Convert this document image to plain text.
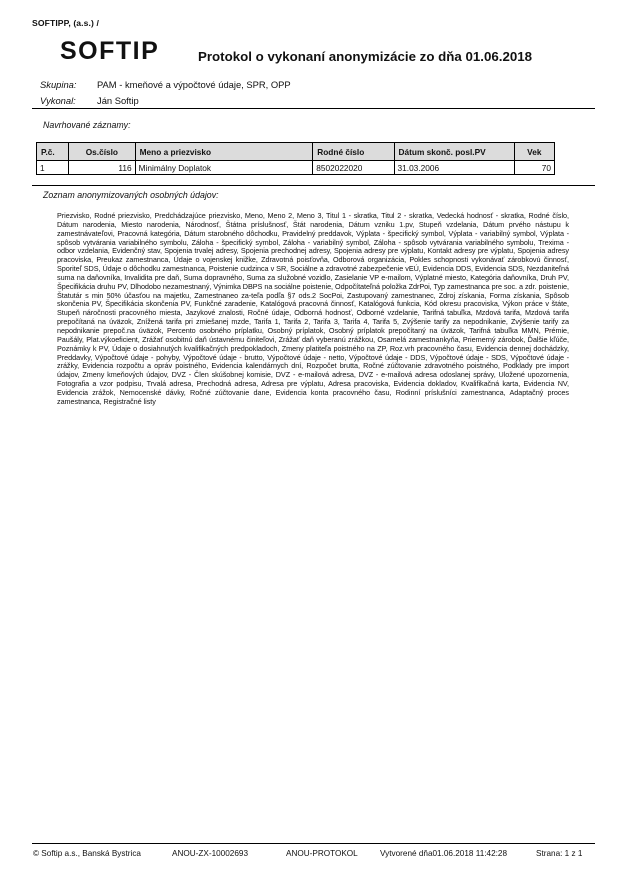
SOFTIPP, (a.s.) /
SOFTIP	Protokol o vykonaní anonymizácie zo dňa 01.06.2018
Skupina: PAM - kmeňové a výpočtové údaje, SPR, OPP
Vykonal: Ján Softip
Navrhované záznamy:
P.č.	Os.číslo	Meno a priezvisko	Rodné číslo	Dátum skonč. posl.PV	Vek
1	116	Minimálny Doplatok	8502022020	31.03.2006	70
Zoznam anonymizovaných osobných údajov:
Priezvisko, Rodné priezvisko, Predchádzajúce priezvisko, Meno, Meno 2, Meno 3, Titul 1 - skratka, Titul 2 - skratka, Vedecká hodnosť - skratka, Rodné číslo, Dátum narodenia, Miesto narodenia, Národnosť, Štátna príslušnosť, Štát narodenia, Dátum vzniku 1.pv, Stupeň vzdelania, Dátum prvého nástupu k zamestnávateľovi, Pracovná kategória, Dátum starobného dôchodku, Pravidelný preddavok, Výplata - špecifický symbol, Výplata - variabilný symbol, Výplata - spôsob vytvárania variabilného symbolu, Záloha - špecifický symbol, Záloha - variabilný symbol, Záloha - spôsob vytvárania variabilného symbolu, Trexima - odbor vzdelania, Evidenčný stav, Spojenia trvalej adresy, Spojenia prechodnej adresy, Spojenia adresy pre výplatu, Kontakt adresy pre výplatu, Spojenia adresy pracoviska, Preukaz zamestnanca, Údaje o vojenskej knižke, Zdravotná poisťovňa, Odborová organizácia, Pokles schopnosti vykonávať zárobkovú činnosť, Sporiteľ SDS, Údaje o dôchodku zamestnanca, Poistenie cudzinca v SR, Sociálne a zdravotné zabezpečenie vEÚ, Evidencia DDS, Evidencia SDS, Nezdaniteľná suma na daňovníka, Invalidita pre daň, Suma dopravného, Suma za služobné vozidlo, Zasielanie VP e-mailom, Výplatné miesto, Kategória daňovníka, Druh PV, Špecifikácia druhu PV, Dlhodobo nezamestnaný, Výnimka DBPS na sociálne poistenie, Odpočítateľná položka ZdrPoi, Typ zamestnanca pre soc. a zdr. poistenie, Štatutár s min 50% účasťou na majetku, Zamestnaneo za-teľa podľa §7 ods.2 SocPoi, Zastupovaný zamestnanec, Zdroj získania, Forma získania, Spôsob skončenia PV, Špecifikácia skončenia PV, Funkčné zaradenie, Katalógová pracovná činnosť, Katalógová funkcia, Kód okresu pracoviska, Výkon práce v štáte, Stupeň náročnosti pracovného miesta, Jazykové znalosti, Ročné údaje, Odborná hodnosť, Odborné vzdelanie, Tarifná tabuľka, Mzdová tarifa, Mzdová tarifa prepočítaná na úväzok, Znížená tarifa pri zmiešanej mzde, Tarifa 1, Tarifa 2, Tarifa 3, Tarifa 4, Tarifa 5, Zvýšenie tarify za nepodnikanie, Zvýšenie tarify za nepodnikanie prepoč.na úväzok, Percento osobného príplatku, Osobný príplatok, Osobný príplatok prepočítaný na úväzok, Tarifná tabuľka MMN, Prémie, Paušály, Plat.výkoeficient, Zrážať osobitnú daň ústavnému činiteľovi, Zrážať daň vyberanú zrážkou, Osamelá zamestnankyňa, Priemerný zárobok, Ďalšie kľúče, Poznámky k PV, Údaje o dosiahnutých kvalifikačných predpokladoch, Zmeny platiteľa poistného na ZP, Roz.vrh pracovného času, Evidencia dennej dochádzky, Preddavky, Výpočtové údaje - pohyby, Výpočtové údaje - brutto, Výpočtové údaje - netto, Výpočtové údaje - DDS, Výpočtové údaje - SDS, Výpočtové údaje - zrážky, Evidencia rozpočtu a opráv poistného, Evidencia kalendárnych dní, Rozpočet brutta, Ročné zúčtovanie zdravotného poistného, Podklady pre import údajov, Zmeny kmeňových údajov, DVZ - Člen skúšobnej komisie, DVZ - e-mailová adresa, DVZ - e-mailová adresa odoslanej správy, Uložené upozornenia, Fotografia a vzor podpisu, Trvalá adresa, Prechodná adresa, Adresa pre výplatu, Adresa pracoviska, Evidencia dokladov, Kvalifikačná karta, Evidencia NV, Evidencia zrážok, Nemocenské dávky, Ročné zúčtovanie dane, Evidencia konta pracovného času, Rodinní príslušníci zamestnanca, Adaptačný proces zamestnanca, Registračné listy
© Softip a.s., Banská Bystrica	ANOU-ZX-10002693	ANOU-PROTOKOL	Vytvorené dňa01.06.2018 11:42:28	Strana: 1 z 1
